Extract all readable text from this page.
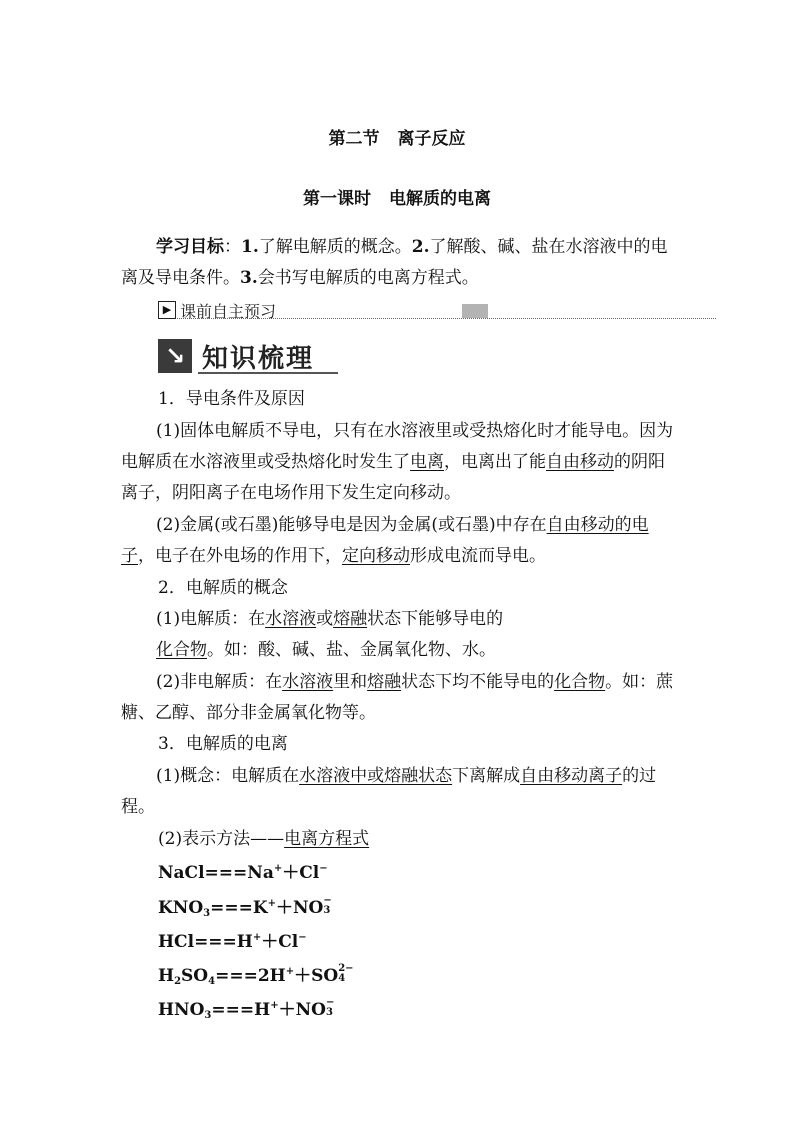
第二节 离子反应
第一课时 电解质的电离

学习目标：1.了解电解质的概念。2.了解酸、碱、盐在水溶液中的电离及导电条件。3.会书写电解质的电离方程式。

▶ 课前自主预习
↘ 知识梳理

1．导电条件及原因

(1)固体电解质不导电，只有在水溶液里或受热熔化时才能导电。因为电解质在水溶液里或受热熔化时发生了电离，电离出了能自由移动的阴阳离子，阴阳离子在电场作用下发生定向移动。

(2)金属(或石墨)能够导电是因为金属(或石墨)中存在自由移动的电子，电子在外电场的作用下，定向移动形成电流而导电。

2．电解质的概念

(1)电解质：在水溶液或熔融状态下能够导电的

化合物。如：酸、碱、盐、金属氧化物、水。

(2)非电解质：在水溶液里和熔融状态下均不能导电的化合物。如：蔗糖、乙醇、部分非金属氧化物等。

3．电解质的电离

(1)概念：电解质在水溶液中或熔融状态下离解成自由移动离子的过程。

(2)表示方法——电离方程式

NaCl===Na+＋Cl−
$KNO_3===K^++NO$ −
3
HCl===H+＋Cl−
$H_2SO_4===2H^++SO$ 2−
4
$HNO_3===H^++NO$ −
3
